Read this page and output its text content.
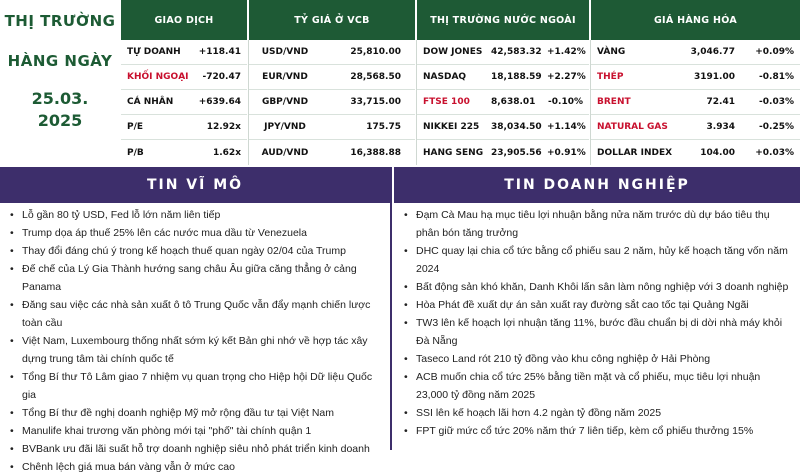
THỊ TRƯỜNG
HÀNG NGÀY
25.03.
2025
GIAO DỊCH
TỰ DOANH	+118.41
KHỐI NGOẠI	-720.47
CÁ NHÂN	+639.64
P/E	12.92x
P/B	1.62x
TỶ GIÁ Ở VCB
USD/VND	25,810.00
EUR/VND	28,568.50
GBP/VND	33,715.00
JPY/VND	175.75
AUD/VND	16,388.88
THỊ TRƯỜNG NƯỚC NGOÀI
DOW JONES 42,583.32 +1.42%
NASDAQ	18,188.59 +2.27%
FTSE 100	8,638.01	-0.10%
NIKKEI 225	38,034.50 +1.14%
HANG SENG 23,905.56 +0.91%
GIÁ HÀNG HÓA
VÀNG	3,046.77	+0.09%
THÉP	3191.00	-0.81%
BRENT	72.41	-0.03%
NATURAL GAS	3.934	-0.25%
DOLLAR INDEX	104.00	+0.03%
TIN VĨ MÔ
• Lỗ gần 80 tỷ USD, Fed lỗ lớn năm liên tiếp
• Trump dọa áp thuế 25% lên các nước mua dầu từ Venezuela
• Thay đổi đáng chú ý trong kế hoạch thuế quan ngày 02/04 của Trump
• Đế chế của Lý Gia Thành hướng sang châu Âu giữa căng thẳng ở cảng Panama
• Đăng sau việc các nhà sản xuất ô tô Trung Quốc vẫn đẩy mạnh chiến lược toàn cầu
• Việt Nam, Luxembourg thống nhất sớm ký kết Bản ghi nhớ về hợp tác xây dựng trung tâm tài chính quốc tế
• Tổng Bí thư Tô Lâm giao 7 nhiệm vụ quan trọng cho Hiệp hội Dữ liệu Quốc gia
• Tổng Bí thư đề nghị doanh nghiệp Mỹ mở rộng đầu tư tại Việt Nam
• Manulife khai trương văn phòng mới tại "phố" tài chính quận 1
• BVBank ưu đãi lãi suất hỗ trợ doanh nghiệp siêu nhỏ phát triển kinh doanh
• Chênh lệch giá mua bán vàng vẫn ở mức cao
TIN DOANH NGHIỆP
• Đạm Cà Mau hạ mục tiêu lợi nhuận bằng nửa năm trước dù dự báo tiêu thụ phân bón tăng trưởng
• DHC quay lại chia cổ tức bằng cổ phiếu sau 2 năm, hủy kế hoạch tăng vốn năm 2024
• Bất động sản khó khăn, Danh Khôi lấn sân làm nông nghiệp với 3 doanh nghiệp
• Hòa Phát đề xuất dự án sản xuất ray đường sắt cao tốc tại Quảng Ngãi
• TW3 lên kế hoạch lợi nhuận tăng 11%, bước đầu chuẩn bị di dời nhà máy khỏi Đà Nẵng
• Taseco Land rót 210 tỷ đồng vào khu công nghiệp ở Hải Phòng
• ACB muốn chia cổ tức 25% bằng tiền mặt và cổ phiếu, mục tiêu lợi nhuận 23,000 tỷ đồng năm 2025
• SSI lên kế hoạch lãi hơn 4.2 ngàn tỷ đồng năm 2025
• FPT giữ mức cổ tức 20% năm thứ 7 liên tiếp, kèm cổ phiếu thưởng 15%
